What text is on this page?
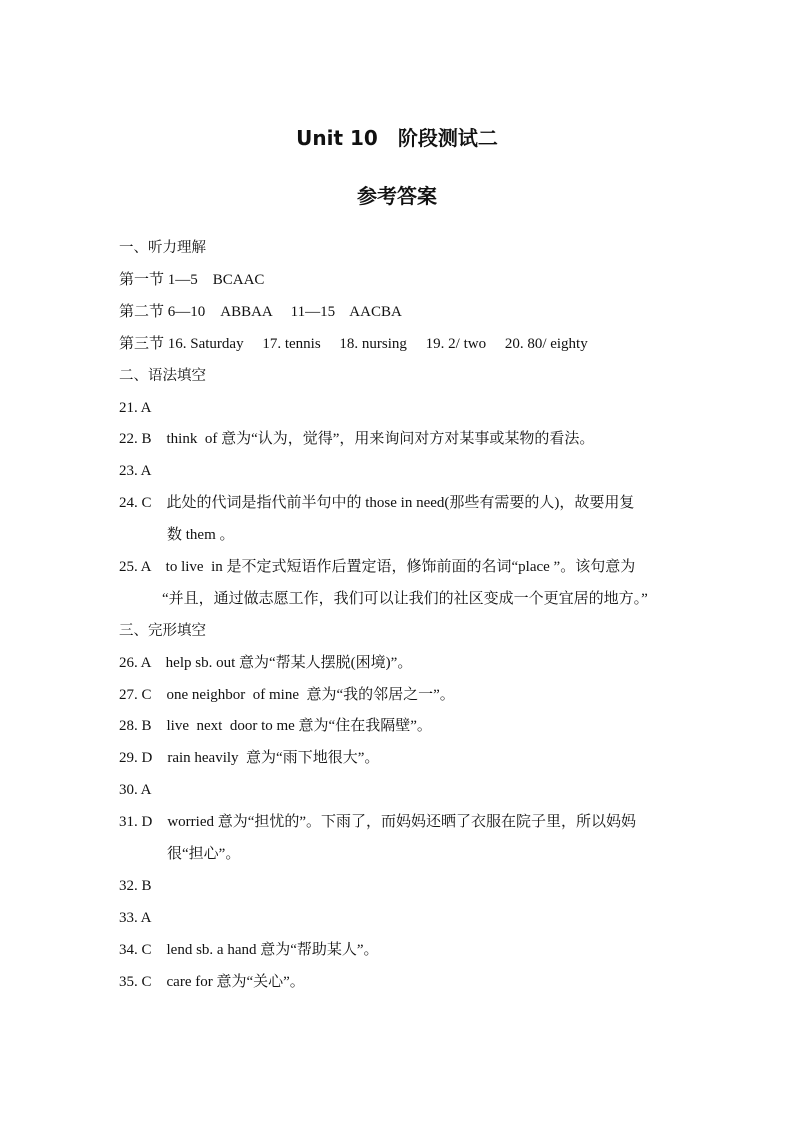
Unit 10　阶段测试二
参考答案
一、听力理解
第一节 1—5    BCAAC
第二节 6—10    ABBAA     11—15    AACBA
第三节 16. Saturday     17. tennis     18. nursing     19. 2/ two     20. 80/ eighty
二、语法填空
21. A
22. B    think  of 意为“认为，觉得”，用来询问对方对某事或某物的看法。
23. A
24. C    此处的代词是指代前半句中的 those in need(那些有需要的人)，故要用复
数 them 。
25. A    to live  in 是不定式短语作后置定语，修饰前面的名词“place ”。该句意为
“并且，通过做志愿工作，我们可以让我们的社区变成一个更宜居的地方。”
三、完形填空
26. A    help sb. out 意为“帮某人摆脱(困境)”。
27. C    one neighbor  of mine  意为“我的邻居之一”。
28. B    live  next  door to me 意为“住在我隔壁”。
29. D    rain heavily  意为“雨下地很大”。
30. A
31. D    worried 意为“担忧的”。下雨了，而妈妈还晒了衣服在院子里，所以妈妈
很“担心”。
32. B
33. A
34. C    lend sb. a hand 意为“帮助某人”。
35. C    care for 意为“关心”。
